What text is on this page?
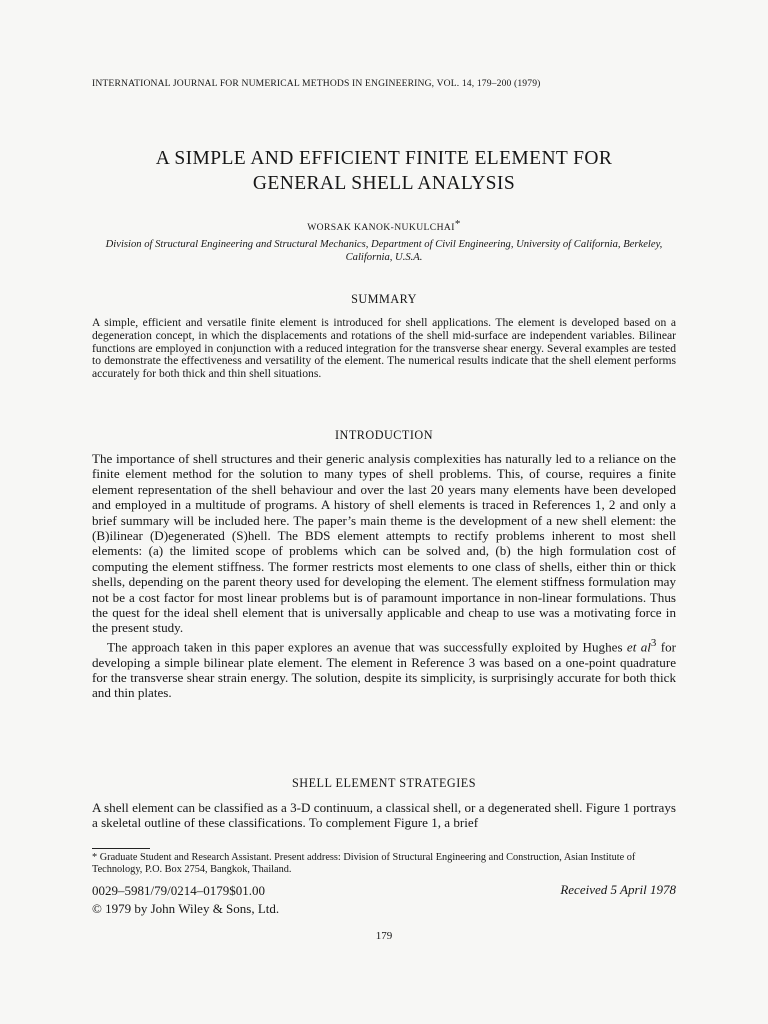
INTERNATIONAL JOURNAL FOR NUMERICAL METHODS IN ENGINEERING, VOL. 14, 179–200 (1979)
A SIMPLE AND EFFICIENT FINITE ELEMENT FOR
GENERAL SHELL ANALYSIS
WORSAK KANOK-NUKULCHAI*
Division of Structural Engineering and Structural Mechanics, Department of Civil Engineering, University of California, Berkeley, California, U.S.A.
SUMMARY
A simple, efficient and versatile finite element is introduced for shell applications. The element is developed based on a degeneration concept, in which the displacements and rotations of the shell mid-surface are independent variables. Bilinear functions are employed in conjunction with a reduced integration for the transverse shear energy. Several examples are tested to demonstrate the effectiveness and versatility of the element. The numerical results indicate that the shell element performs accurately for both thick and thin shell situations.
INTRODUCTION

The importance of shell structures and their generic analysis complexities has naturally led to a reliance on the finite element method for the solution to many types of shell problems. This, of course, requires a finite element representation of the shell behaviour and over the last 20 years many elements have been developed and employed in a multitude of programs. A history of shell elements is traced in References 1, 2 and only a brief summary will be included here. The paper’s main theme is the development of a new shell element: the (B)ilinear (D)egenerated (S)hell. The BDS element attempts to rectify problems inherent to most shell elements: (a) the limited scope of problems which can be solved and, (b) the high formulation cost of computing the element stiffness. The former restricts most elements to one class of shells, either thin or thick shells, depending on the parent theory used for developing the element. The element stiffness formulation may not be a cost factor for most linear problems but is of paramount importance in non-linear formulations. Thus the quest for the ideal shell element that is universally applicable and cheap to use was a motivating force in the present study.

The approach taken in this paper explores an avenue that was successfully exploited by Hughes et $al^3$ for developing a simple bilinear plate element. The element in Reference 3 was based on a one-point quadrature for the transverse shear strain energy. The solution, despite its simplicity, is surprisingly accurate for both thick and thin plates.

SHELL ELEMENT STRATEGIES
A shell element can be classified as a 3-D continuum, a classical shell, or a degenerated shell. Figure 1 portrays a skeletal outline of these classifications. To complement Figure 1, a brief
* Graduate Student and Research Assistant. Present address: Division of Structural Engineering and Construction, Asian Institute of Technology, P.O. Box 2754, Bangkok, Thailand.
0029–5981/79/0214–0179$01.00
© 1979 by John Wiley & Sons, Ltd.
Received 5 April 1978
179
